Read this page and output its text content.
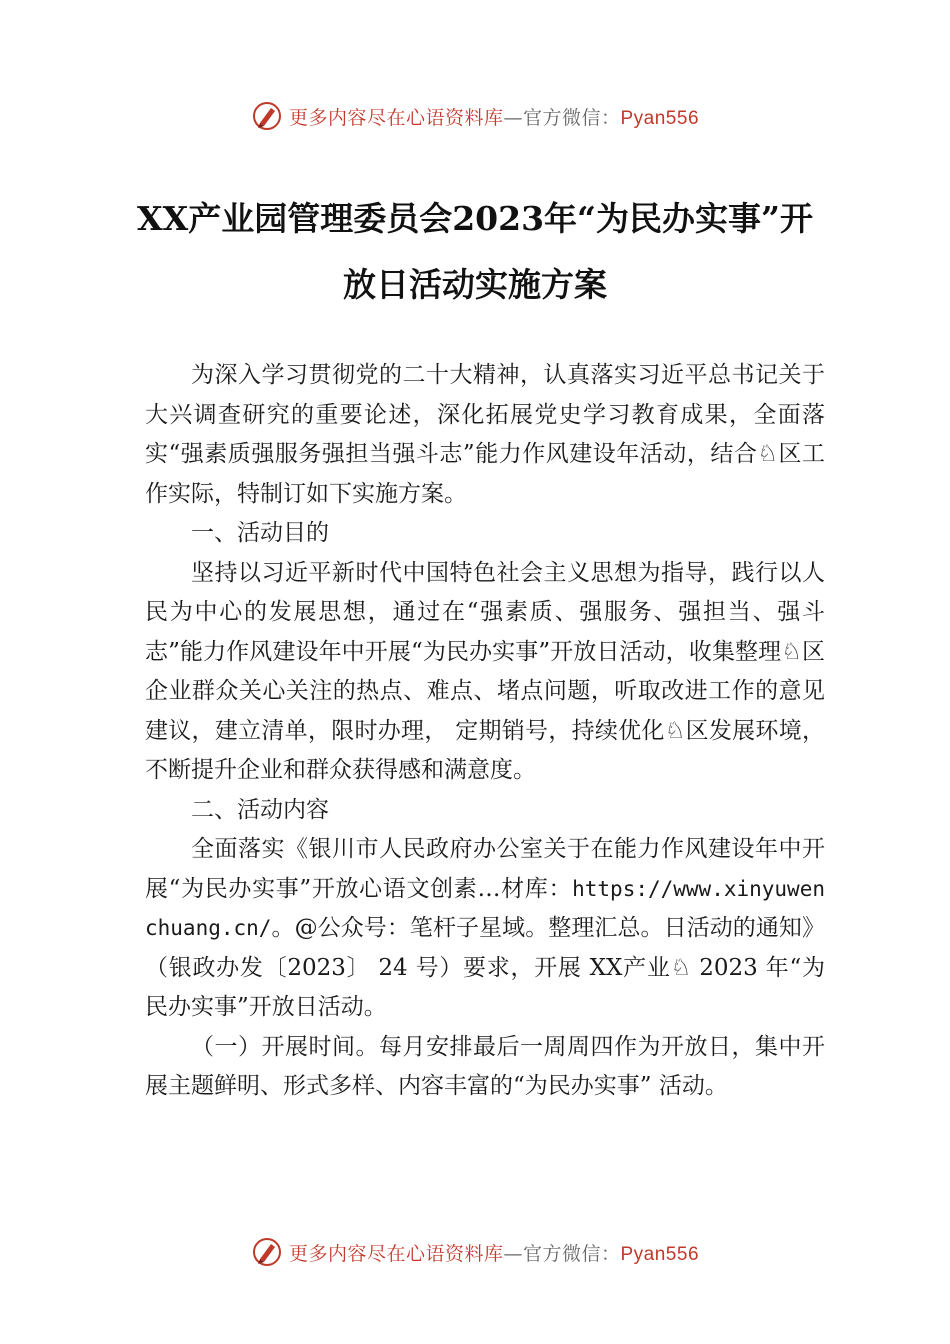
更多内容尽在心语资料库—官方微信：Pyan556
XX产业园管理委员会2023年“为民办实事”开放日活动实施方案

为深入学习贯彻党的二十大精神，认真落实习近平总书记关于大兴调查研究的重要论述，深化拓展党史学习教育成果，全面落实“强素质强服务强担当强斗志”能力作风建设年活动，结合♘区工作实际，特制订如下实施方案。

一、活动目的

坚持以习近平新时代中国特色社会主义思想为指导，践行以人民为中心的发展思想，通过在“强素质、强服务、强担当、强斗志”能力作风建设年中开展“为民办实事”开放日活动，收集整理♘区企业群众关心关注的热点、难点、堵点问题，听取改进工作的意见建议，建立清单，限时办理， 定期销号，持续优化♘区发展环境，不断提升企业和群众获得感和满意度。

二、活动内容

全面落实《银川市人民政府办公室关于在能力作风建设年中开展“为民办实事”开放心语文创素…材库：https://www.xinyuwenchuang.cn/。@公众号：笔杆子星域。整理汇总。日活动的通知》（银政办发〔2023〕 24 号）要求，开展 XX产业♘ 2023 年“为民办实事”开放日活动。

（一）开展时间。每月安排最后一周周四作为开放日，集中开展主题鲜明、形式多样、内容丰富的“为民办实事” 活动。

更多内容尽在心语资料库—官方微信：Pyan556
